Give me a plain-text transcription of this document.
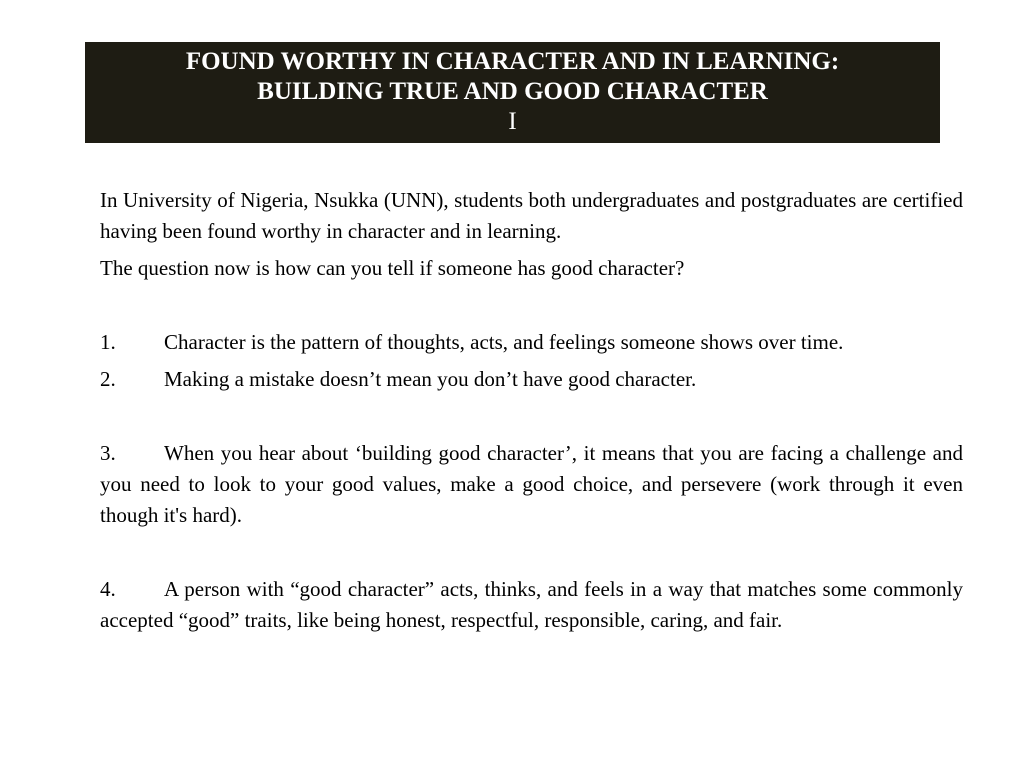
FOUND WORTHY IN CHARACTER AND IN LEARNING:
BUILDING TRUE AND GOOD CHARACTER
I

In University of Nigeria, Nsukka (UNN), students both undergraduates and postgraduates are certified having been found worthy in character and in learning.

The question now is how can you tell if someone has good character?

1. Character is the pattern of thoughts, acts, and feelings someone shows over time.

2. Making a mistake doesn’t mean you don’t have good character.

3. When you hear about ‘building good character’, it means that you are facing a challenge and you need to look to your good values, make a good choice, and persevere (work through it even though it's hard).

4. A person with “good character” acts, thinks, and feels in a way that matches some commonly accepted “good” traits, like being honest, respectful, responsible, caring, and fair.
